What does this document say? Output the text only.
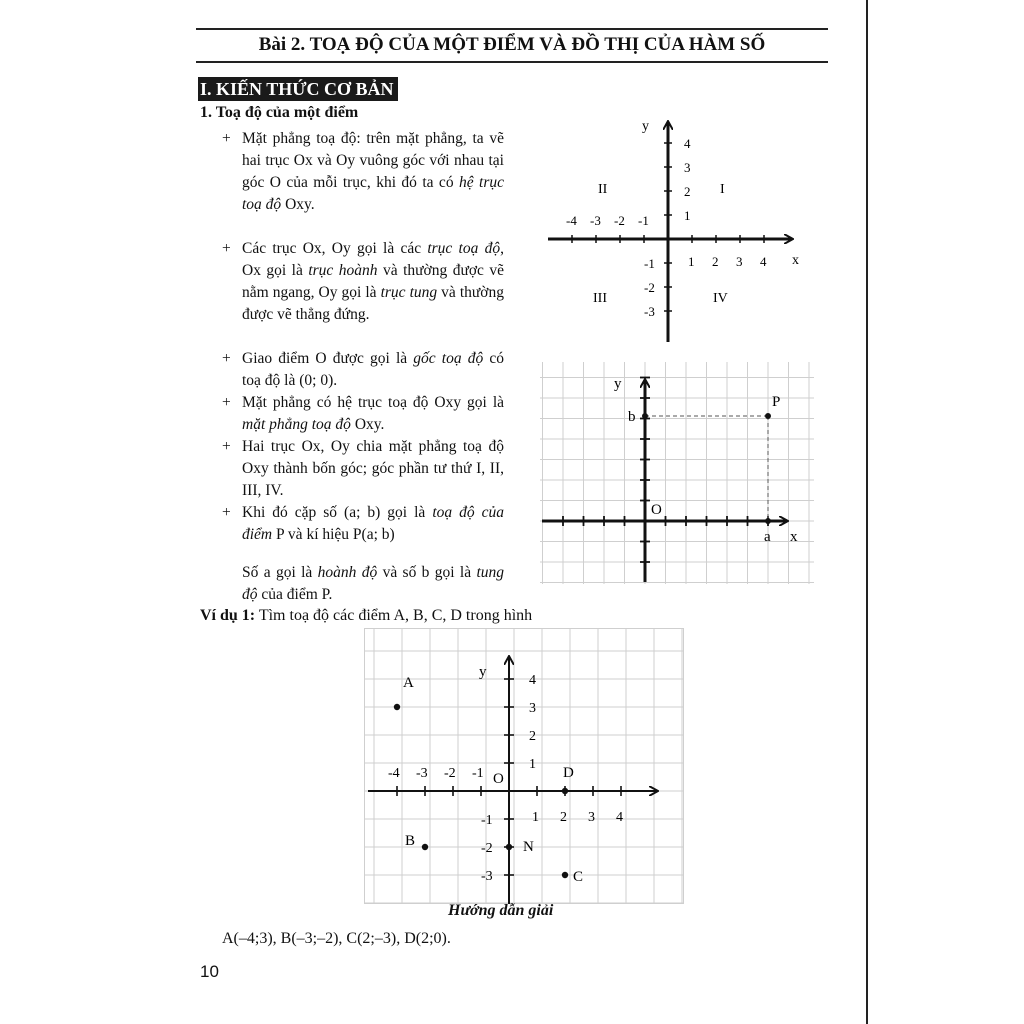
Bài 2. TOẠ ĐỘ CỦA MỘT ĐIỂM VÀ ĐỒ THỊ CỦA HÀM SỐ
I. KIẾN THỨC CƠ BẢN
1. Toạ độ của một điểm
+ Mặt phẳng toạ độ: trên mặt phẳng, ta vẽ hai trục Ox và Oy vuông góc với nhau tại góc O của mỗi trục, khi đó ta có hệ trục toạ độ Oxy.
+ Các trục Ox, Oy gọi là các trục toạ độ, Ox gọi là trục hoành và thường được vẽ nằm ngang, Oy gọi là trục tung và thường được vẽ thẳng đứng.
+ Giao điểm O được gọi là gốc toạ độ có toạ độ là (0; 0).
+ Mặt phẳng có hệ trục toạ độ Oxy gọi là mặt phẳng toạ độ Oxy.
+ Hai trục Ox, Oy chia mặt phẳng toạ độ Oxy thành bốn góc; góc phần tư thứ I, II, III, IV.
+ Khi đó cặp số (a; b) gọi là toạ độ của điểm P và kí hiệu P(a; b)
Số a gọi là hoành độ và số b gọi là tung độ của điểm P.
-4 -3 -2 -1
1 2 3 4
1
2
3
4
-1
-2
-3
y
x
I
II
III	IV
y
x
O
P
b
a
Ví dụ 1: Tìm toạ độ các điểm A, B, C, D trong hình
y
O
-4 -3 -2 -1
1 2 3 4
4
3
2
1
-1
-2
-3
A
B
C
D
N
Hướng dẫn giải
A(–4;3), B(–3;–2), C(2;–3), D(2;0).
10
